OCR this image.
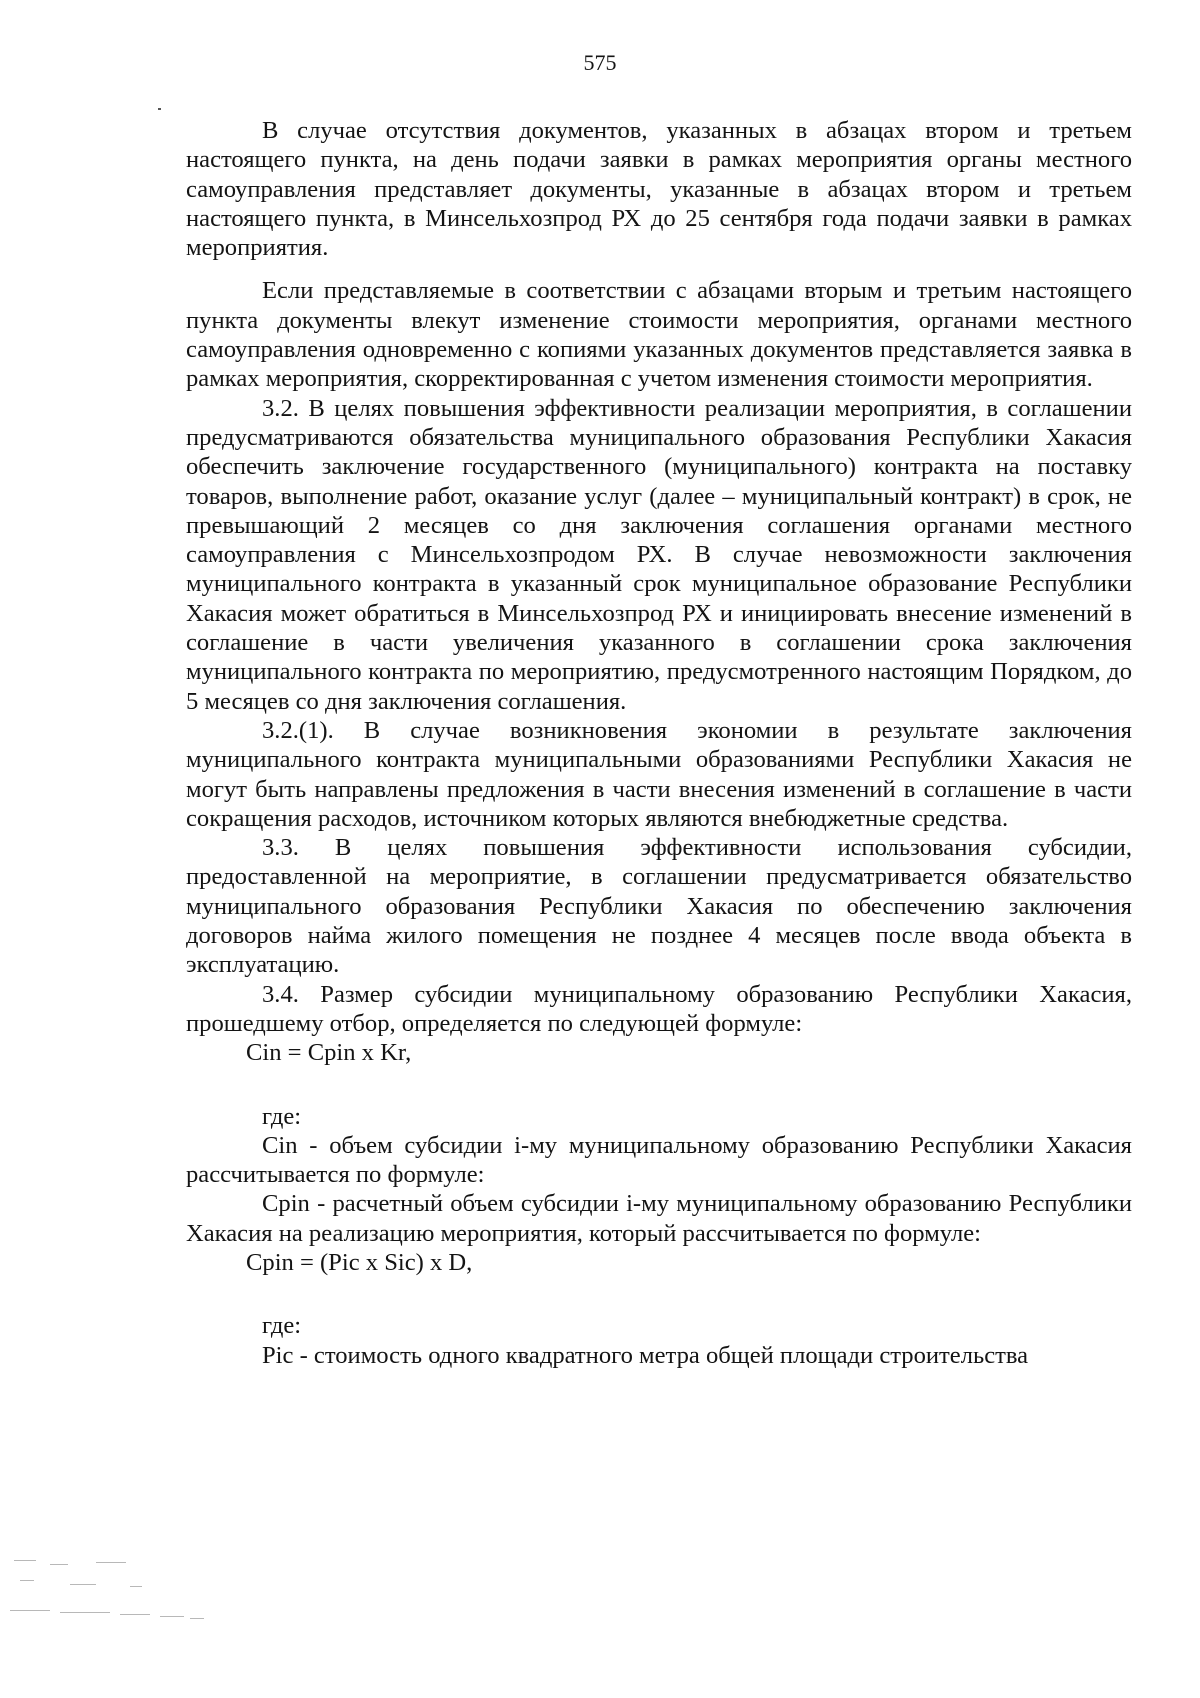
575

В случае отсутствия документов, указанных в абзацах втором и третьем настоящего пункта, на день подачи заявки в рамках мероприятия органы местного самоуправления представляет документы, указанные в абзацах втором и третьем настоящего пункта, в Минсельхозпрод РХ до 25 сентября года подачи заявки в рамках мероприятия.

Если представляемые в соответствии с абзацами вторым и третьим настоящего пункта документы влекут изменение стоимости мероприятия, органами местного самоуправления одновременно с копиями указанных документов представляется заявка в рамках мероприятия, скорректированная с учетом изменения стоимости мероприятия.

3.2. В целях повышения эффективности реализации мероприятия, в соглашении предусматриваются обязательства муниципального образования Республики Хакасия обеспечить заключение государственного (муниципального) контракта на поставку товаров, выполнение работ, оказание услуг (далее – муниципальный контракт) в срок, не превышающий 2 месяцев со дня заключения соглашения органами местного самоуправления с Минсельхозпродом РХ. В случае невозможности заключения муниципального контракта в указанный срок муниципальное образование Республики Хакасия может обратиться в Минсельхозпрод РХ и инициировать внесение изменений в соглашение в части увеличения указанного в соглашении срока заключения муниципального контракта по мероприятию, предусмотренного настоящим Порядком, до 5 месяцев со дня заключения соглашения.

3.2.(1). В случае возникновения экономии в результате заключения муниципального контракта муниципальными образованиями Республики Хакасия не могут быть направлены предложения в части внесения изменений в соглашение в части сокращения расходов, источником которых являются внебюджетные средства.

3.3. В целях повышения эффективности использования субсидии, предоставленной на мероприятие, в соглашении предусматривается обязательство муниципального образования Республики Хакасия по обеспечению заключения договоров найма жилого помещения не позднее 4 месяцев после ввода объекта в эксплуатацию.

3.4. Размер субсидии муниципальному образованию Республики Хакасия, прошедшему отбор, определяется по следующей формуле:

Cin = Cpin x Kr,

где:

Cin - объем субсидии i-му муниципальному образованию Республики Хакасия рассчитывается по формуле:

Cpin - расчетный объем субсидии i-му муниципальному образованию Республики Хакасия на реализацию мероприятия, который рассчитывается по формуле:

Cpin = (Pic x Sic) x D,

где:

Pic - стоимость одного квадратного метра общей площади строительства
